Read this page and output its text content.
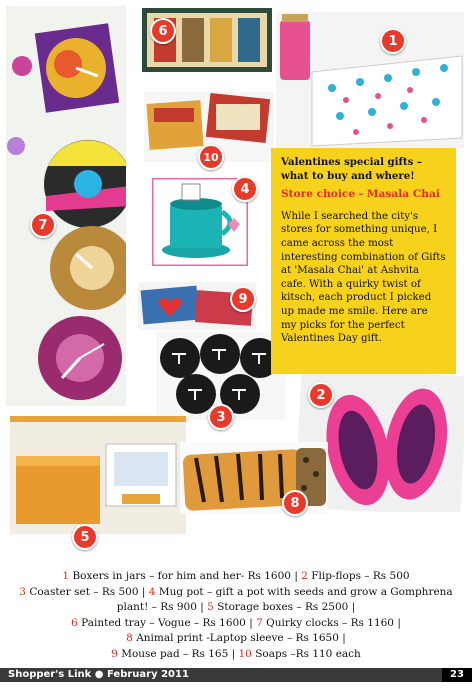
1
2
3
4
5
6
7
8
9
10	Valentines special gifts – what to buy and where!

Store choice - Masala Chai

While I searched the city's stores for something unique, I came across the most interesting combination of Gifts at 'Masala Chai' at Ashvita cafe. With a quirky twist of kitsch, each product I picked up made me smile. Here are my picks for the perfect Valentines Day gift.

1 Boxers in jars – for him and her- Rs 1600 | 2 Flip-flops – Rs 500
3 Coaster set – Rs 500 | 4 Mug pot – gift a pot with seeds and grow a Gomphrena plant! – Rs 900 | 5 Storage boxes – Rs 2500 |
6 Painted tray – Vogue – Rs 1600 | 7 Quirky clocks – Rs 1160 |
8 Animal print -Laptop sleeve – Rs 1650 |
9 Mouse pad – Rs 165 | 10 Soaps –Rs 110 each
Shopper's Link ● February 2011	23
